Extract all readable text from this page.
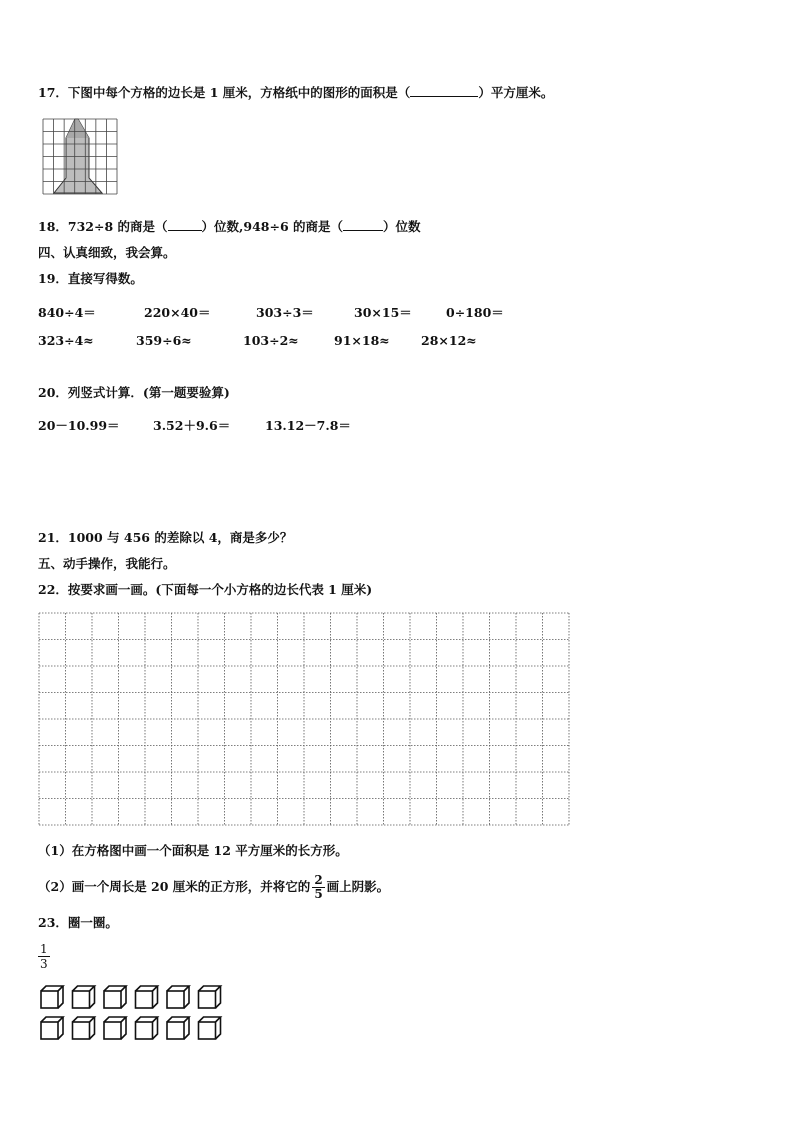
17．下图中每个方格的边长是 1 厘米，方格纸中的图形的面积是（	）平方厘米。
18．732÷8 的商是（	）位数,948÷6 的商是（	）位数
四、认真细致，我会算。
19．直接写得数。
840÷4＝	220×40＝	303÷3＝	30×15＝	0÷180＝
323÷4≈	359÷6≈	103÷2≈	91×18≈	28×12≈
20．列竖式计算．(第一题要验算)
20－10.99＝	3.52＋9.6＝	13.12－7.8＝
21．1000 与 456 的差除以 4，商是多少？
五、动手操作，我能行。
22．按要求画一画。(下面每一个小方格的边长代表 1 厘米)
（1）在方格图中画一个面积是 12 平方厘米的长方形。
（2）画一个周长是 20 厘米的正方形，并将它的 $\frac{2}{5}$ 画上阴影。
23．圈一圈。
$\frac{1}{3}$
